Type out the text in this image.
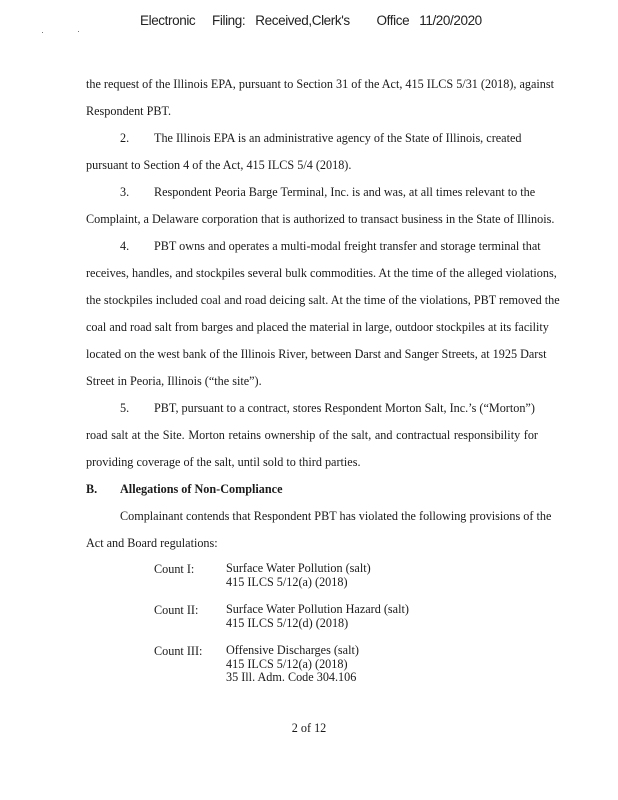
Electronic     Filing:   Received,Clerk's        Office   11/20/2020
the request of the Illinois EPA, pursuant to Section 31 of the Act, 415 ILCS 5/31 (2018), against
Respondent PBT.
2. The Illinois EPA is an administrative agency of the State of Illinois, created
pursuant to Section 4 of the Act, 415 ILCS 5/4 (2018).
3. Respondent Peoria Barge Terminal, Inc. is and was, at all times relevant to the
Complaint, a Delaware corporation that is authorized to transact business in the State of Illinois.
4. PBT owns and operates a multi-modal freight transfer and storage terminal that
receives, handles, and stockpiles several bulk commodities. At the time of the alleged violations,
the stockpiles included coal and road deicing salt. At the time of the violations, PBT removed the
coal and road salt from barges and placed the material in large, outdoor stockpiles at its facility
located on the west bank of the Illinois River, between Darst and Sanger Streets, at 1925 Darst
Street in Peoria, Illinois (“the site”).
5. PBT, pursuant to a contract, stores Respondent Morton Salt, Inc.’s (“Morton”)
road salt at the Site. Morton retains ownership of the salt, and contractual responsibility for
providing coverage of the salt, until sold to third parties.
B. Allegations of Non-Compliance
Complainant contends that Respondent PBT has violated the following provisions of the
Act and Board regulations:
Count I:	Surface Water Pollution (salt)
415 ILCS 5/12(a) (2018)
Count II: Surface Water Pollution Hazard (salt)
415 ILCS 5/12(d) (2018)
Count III: Offensive Discharges (salt)
415 ILCS 5/12(a) (2018)
35 Ill. Adm. Code 304.106
2 of 12
